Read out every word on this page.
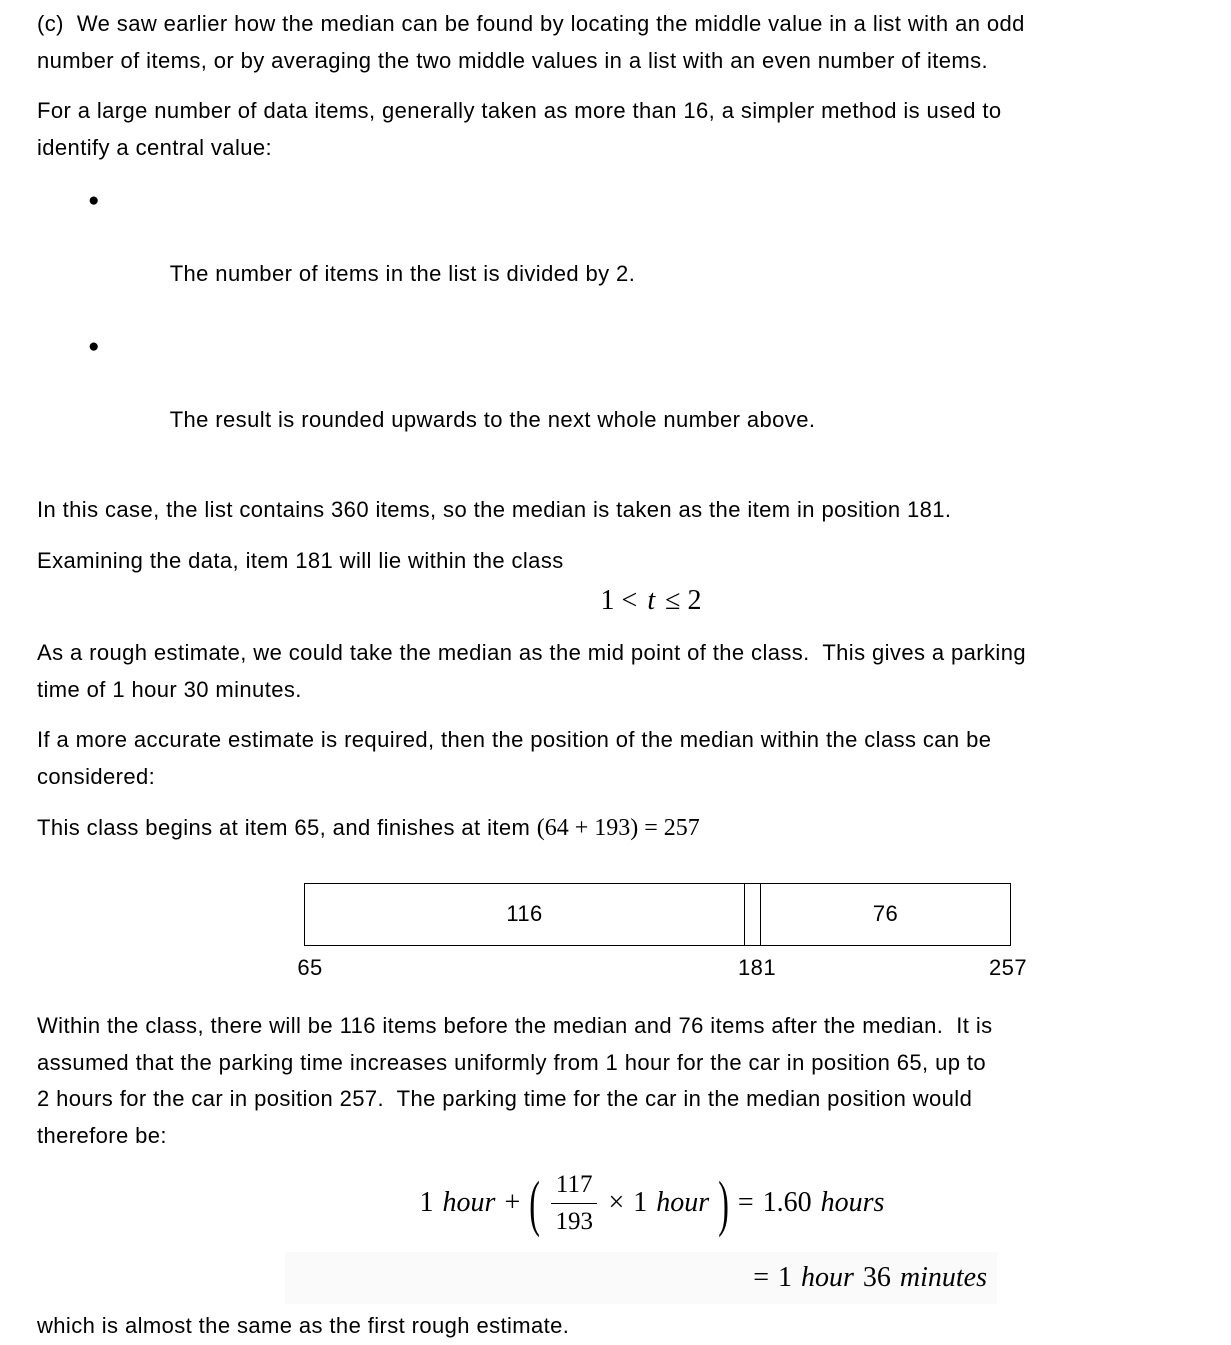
(c)  We saw earlier how the median can be found by locating the middle value in a list with an odd
number of items, or by averaging the two middle values in a list with an even number of items.
For a large number of data items, generally taken as more than 16, a simpler method is used to
identify a central value:

●

The number of items in the list is divided by 2.

●

The result is rounded upwards to the next whole number above.

In this case, the list contains 360 items, so the median is taken as the item in position 181.
Examining the data, item 181 will lie within the class
1 < t ≤ 2
As a rough estimate, we could take the median as the mid point of the class.  This gives a parking
time of 1 hour 30 minutes.
If a more accurate estimate is required, then the position of the median within the class can be
considered:
This class begins at item 65, and finishes at item (64 + 193) = 257
116	76
65	181	257
Within the class, there will be 116 items before the median and 76 items after the median.  It is
assumed that the parking time increases uniformly from 1 hour for the car in position 65, up to
2 hours for the car in position 257.  The parking time for the car in the median position would
therefore be:
1 hour + ( $\frac{117}{193} \times 1$ hour ) = 1.60 hours
= 1 hour 36 minutes
which is almost the same as the first rough estimate.
